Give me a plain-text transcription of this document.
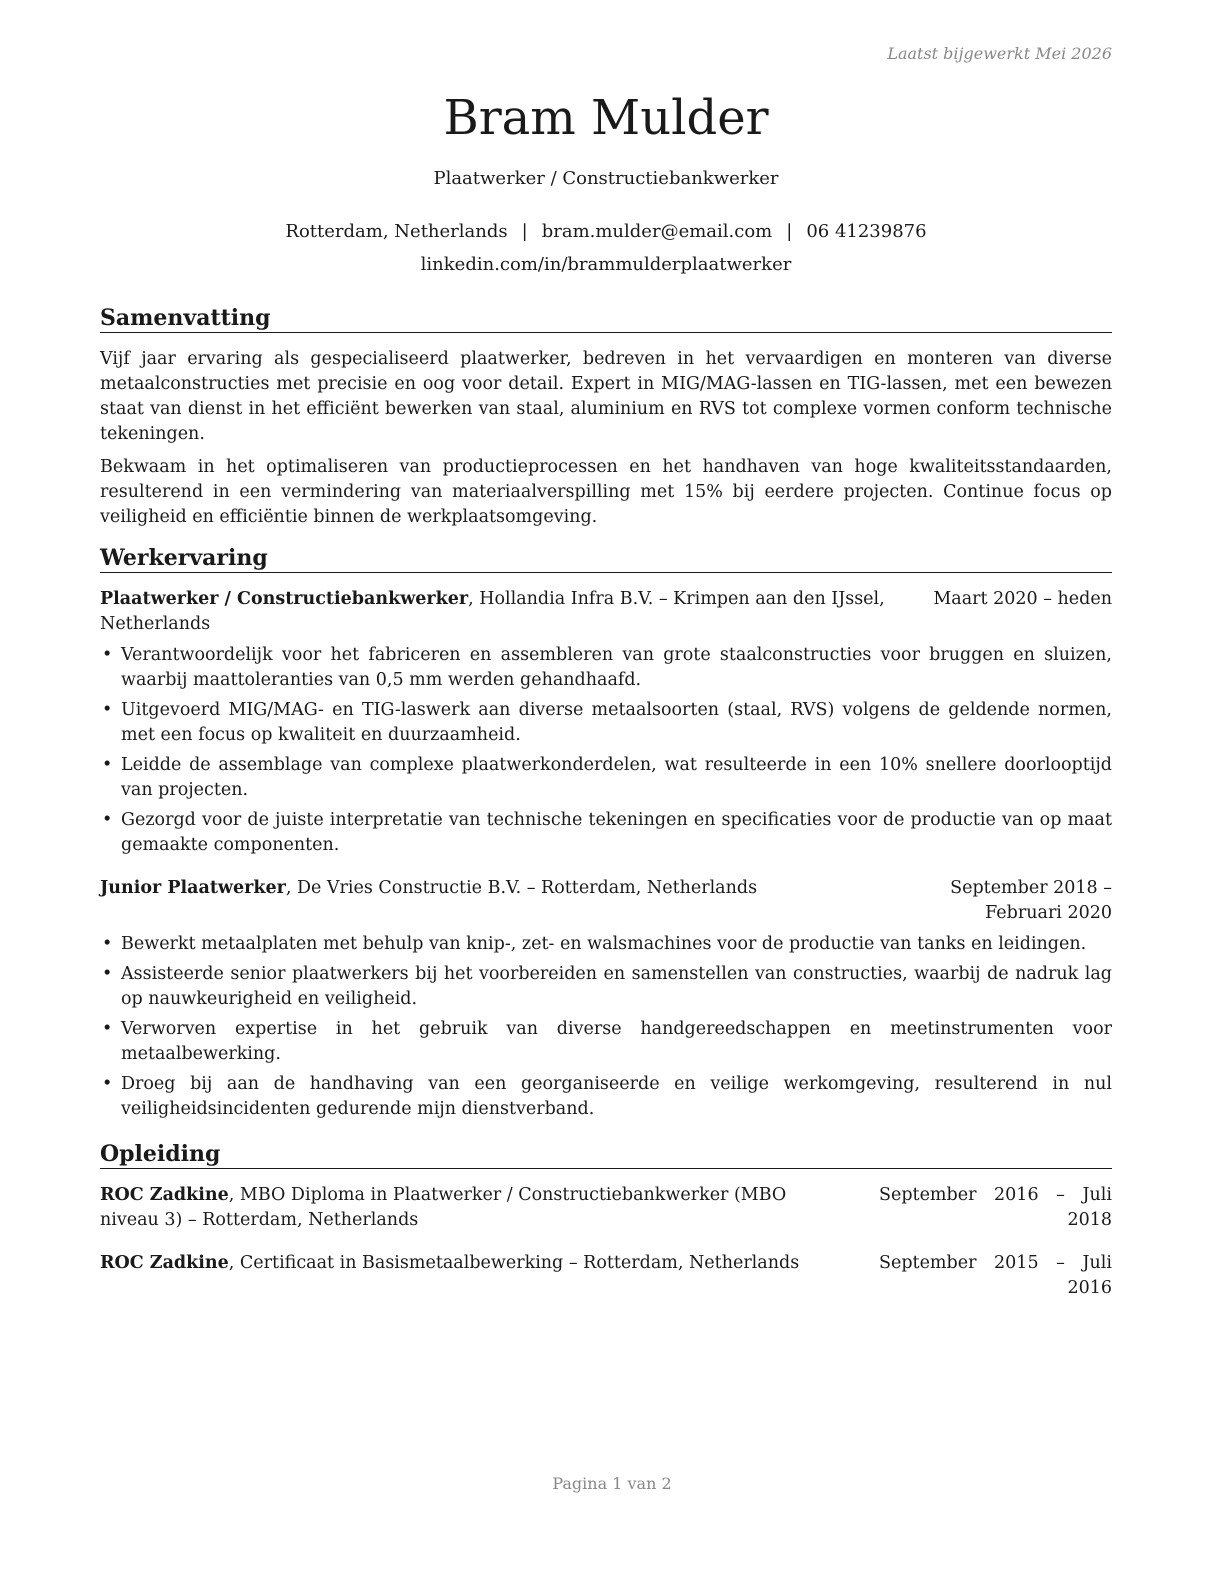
Laatst bijgewerkt Mei 2026
Bram Mulder
Plaatwerker / Constructiebankwerker
Rotterdam, Netherlands | bram.mulder@email.com | 06 41239876
linkedin.com/in/brammulderplaatwerker
Samenvatting

Vijf jaar ervaring als gespecialiseerd plaatwerker, bedreven in het vervaardigen en monteren van diverse metaalconstructies met precisie en oog voor detail. Expert in MIG/MAG-lassen en TIG-lassen, met een bewezen staat van dienst in het efficiënt bewerken van staal, aluminium en RVS tot complexe vormen conform technische tekeningen.

Bekwaam in het optimaliseren van productieprocessen en het handhaven van hoge kwaliteitsstandaarden, resulterend in een vermindering van materiaalverspilling met 15% bij eerdere projecten. Continue focus op veiligheid en efficiëntie binnen de werkplaatsomgeving.

Werkervaring
Plaatwerker / Constructiebankwerker, Hollandia Infra B.V. – Krimpen aan den IJssel, Netherlands
Maart 2020 – heden
• Verantwoordelijk voor het fabriceren en assembleren van grote staalconstructies voor bruggen en sluizen, waarbij maattoleranties van 0,5 mm werden gehandhaafd.
• Uitgevoerd MIG/MAG- en TIG-laswerk aan diverse metaalsoorten (staal, RVS) volgens de geldende normen, met een focus op kwaliteit en duurzaamheid.
• Leidde de assemblage van complexe plaatwerkonderdelen, wat resulteerde in een 10% snellere doorlooptijd van projecten.
• Gezorgd voor de juiste interpretatie van technische tekeningen en specificaties voor de productie van op maat gemaakte componenten.
Junior Plaatwerker, De Vries Constructie B.V. – Rotterdam, Netherlands	September 2018 – Februari 2020
• Bewerkt metaalplaten met behulp van knip-, zet- en walsmachines voor de productie van tanks en leidingen.
• Assisteerde senior plaatwerkers bij het voorbereiden en samenstellen van constructies, waarbij de nadruk lag op nauwkeurigheid en veiligheid.
• Verworven expertise in het gebruik van diverse handgereedschappen en meetinstrumenten voor metaalbewerking.
• Droeg bij aan de handhaving van een georganiseerde en veilige werkomgeving, resulterend in nul veiligheidsincidenten gedurende mijn dienstverband.
Opleiding
ROC Zadkine, MBO Diploma in Plaatwerker / Constructiebankwerker (MBO niveau 3) – Rotterdam, Netherlands
September 2016 – Juli 2018
ROC Zadkine, Certificaat in Basismetaalbewerking – Rotterdam, Netherlands	September 2015 – Juli 2016
Pagina 1 van 2
